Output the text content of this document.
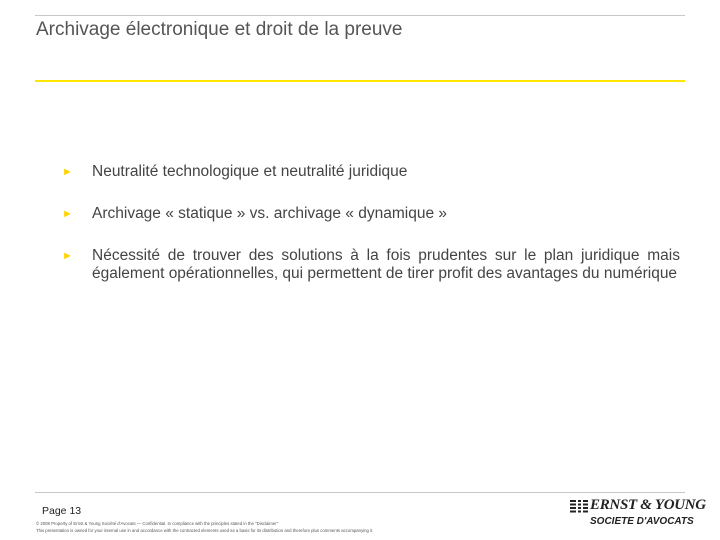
Archivage électronique et droit de la preuve
► Neutralité technologique et neutralité juridique
► Archivage « statique » vs. archivage « dynamique »
► Nécessité de trouver des solutions à la fois prudentes sur le plan juridique mais également opérationnelles, qui permettent de tirer profit des avantages du numérique
Page 13
© 2008 Property of Ernst & Young Société d'Avocats — Confidential. In compliance with the principles stated in the "Disclaimer"
This presentation is owned for your internal use in and accordance with the contracted elements used as a basis for its distribution and therefore plus comments accompanying it
ERNST & YOUNG
SOCIETE D'AVOCATS
